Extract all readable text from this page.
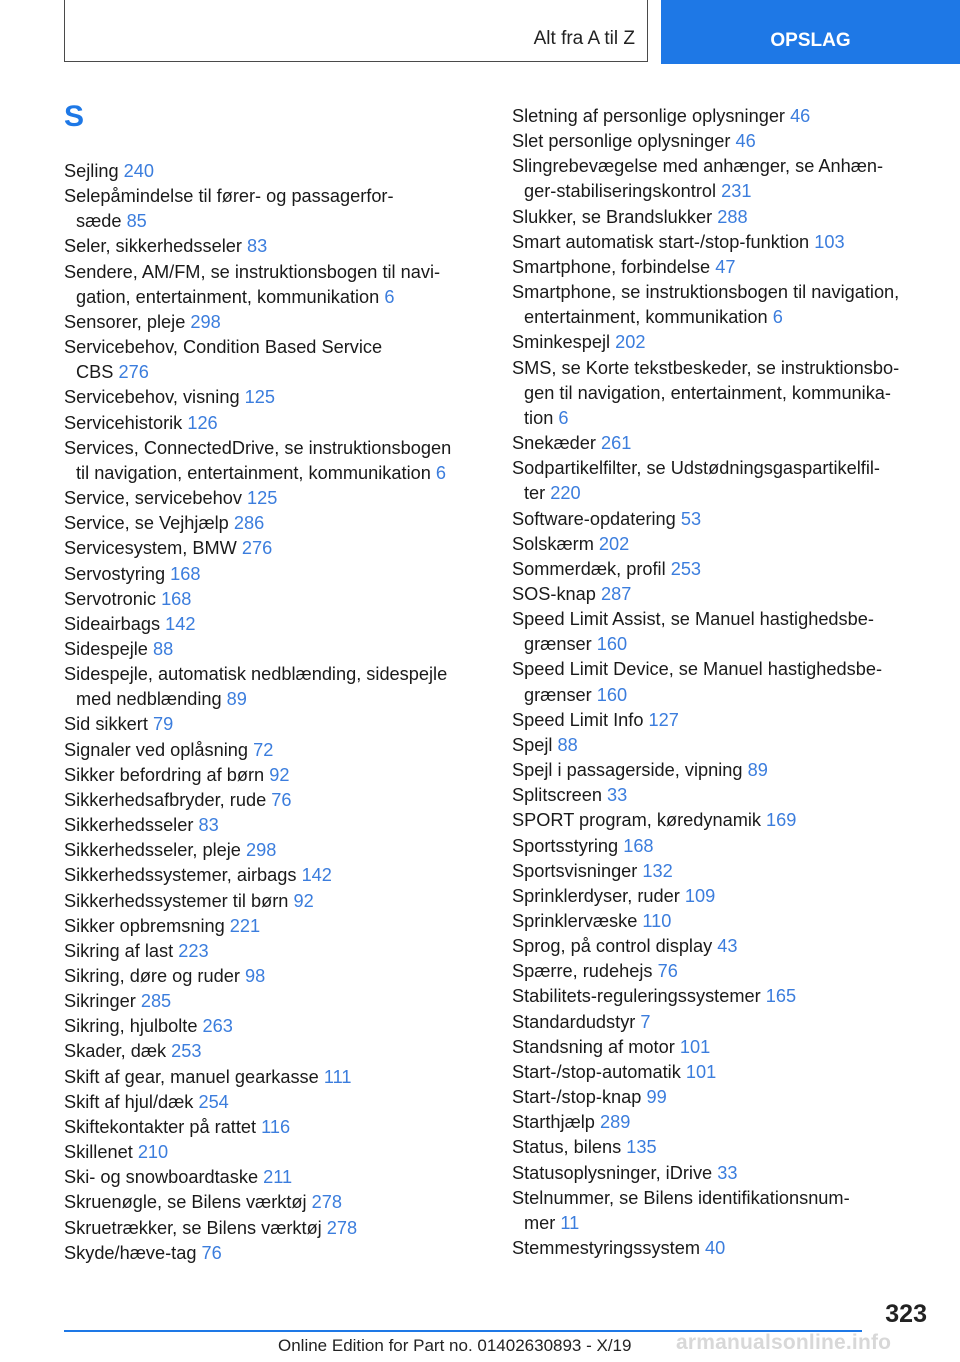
Alt fra A til Z	OPSLAG
S
Sejling 240
Selepåmindelse til fører- og passagerfor-
sæde 85
Seler, sikkerhedsseler 83
Sendere, AM/FM, se instruktionsbogen til navi-
gation, entertainment, kommunikation 6
Sensorer, pleje 298
Servicebehov, Condition Based Service
CBS 276
Servicebehov, visning 125
Servicehistorik 126
Services, ConnectedDrive, se instruktionsbogen
til navigation, entertainment, kommunikation 6
Service, servicebehov 125
Service, se Vejhjælp 286
Servicesystem, BMW 276
Servostyring 168
Servotronic 168
Sideairbags 142
Sidespejle 88
Sidespejle, automatisk nedblænding, sidespejle
med nedblænding 89
Sid sikkert 79
Signaler ved oplåsning 72
Sikker befordring af børn 92
Sikkerhedsafbryder, rude 76
Sikkerhedsseler 83
Sikkerhedsseler, pleje 298
Sikkerhedssystemer, airbags 142
Sikkerhedssystemer til børn 92
Sikker opbremsning 221
Sikring af last 223
Sikring, døre og ruder 98
Sikringer 285
Sikring, hjulbolte 263
Skader, dæk 253
Skift af gear, manuel gearkasse 111
Skift af hjul/dæk 254
Skiftekontakter på rattet 116
Skillenet 210
Ski- og snowboardtaske 211
Skruenøgle, se Bilens værktøj 278
Skruetrækker, se Bilens værktøj 278
Skyde/hæve-tag 76
Sletning af personlige oplysninger 46
Slet personlige oplysninger 46
Slingrebevægelse med anhænger, se Anhæn-
ger-stabiliseringskontrol 231
Slukker, se Brandslukker 288
Smart automatisk start-/stop-funktion 103
Smartphone, forbindelse 47
Smartphone, se instruktionsbogen til navigation,
entertainment, kommunikation 6
Sminkespejl 202
SMS, se Korte tekstbeskeder, se instruktionsbo-
gen til navigation, entertainment, kommunika-
tion 6
Snekæder 261
Sodpartikelfilter, se Udstødningsgaspartikelfil-
ter 220
Software-opdatering 53
Solskærm 202
Sommerdæk, profil 253
SOS-knap 287
Speed Limit Assist, se Manuel hastighedsbe-
grænser 160
Speed Limit Device, se Manuel hastighedsbe-
grænser 160
Speed Limit Info 127
Spejl 88
Spejl i passagerside, vipning 89
Splitscreen 33
SPORT program, køredynamik 169
Sportsstyring 168
Sportsvisninger 132
Sprinklerdyser, ruder 109
Sprinklervæske 110
Sprog, på control display 43
Spærre, rudehejs 76
Stabilitets-reguleringssystemer 165
Standardudstyr 7
Standsning af motor 101
Start-/stop-automatik 101
Start-/stop-knap 99
Starthjælp 289
Status, bilens 135
Statusoplysninger, iDrive 33
Stelnummer, se Bilens identifikationsnum-
mer 11
Stemmestyringssystem 40
323
Online Edition for Part no. 01402630893 - X/19 armanualsonline.info
